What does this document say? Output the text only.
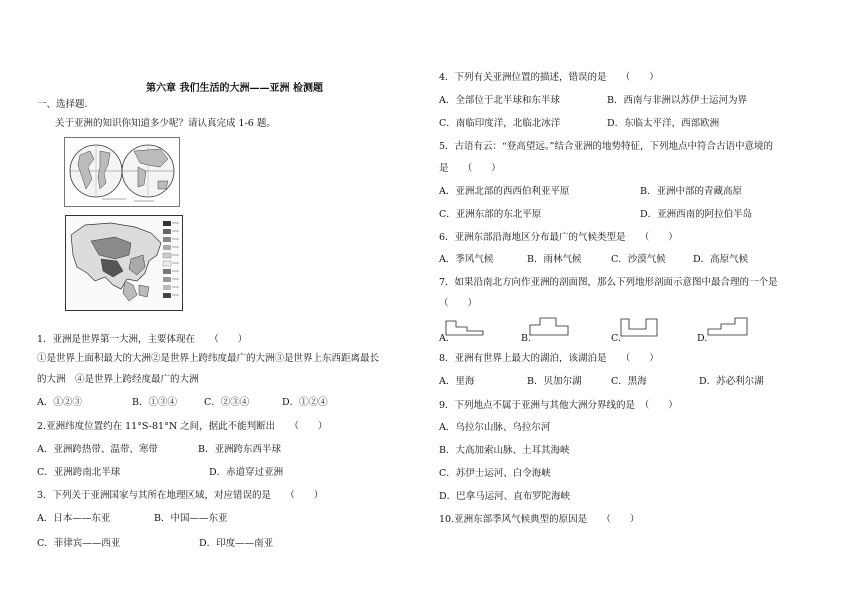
第六章 我们生活的大洲——亚洲 检测题
一、选择题.
关于亚洲的知识你知道多少呢？请认真完成 1-6 题。
1．亚洲是世界第一大洲，主要体现在　　（　　）
①是世界上面积最大的大洲②是世界上跨纬度最广的大洲③是世界上东西距离最长
的大洲　④是世界上跨经度最广的大洲
A．①②③	B．①③④	C．②③④	D．①②④
2.亚洲纬度位置约在 11°S-81°N 之间，据此不能判断出　　（　　）
A．亚洲跨热带、温带、寒带	B．亚洲跨东西半球
C．亚洲跨南北半球	D．赤道穿过亚洲
3．下列关于亚洲国家与其所在地理区域，对应错误的是　　（　　）
A．日本——东亚	B．中国——东亚
C．菲律宾——西亚	D．印度——南亚
4．下列有关亚洲位置的描述，错误的是　　（　　）
A．全部位于北半球和东半球	B．西南与非洲以苏伊士运河为界
C．南临印度洋，北临北冰洋	D．东临太平洋，西部欧洲
5．古语有云：“登高望远。”结合亚洲的地势特征，下列地点中符合古语中意境的
是　　（　　）
A．亚洲北部的西西伯利亚平原	B．亚洲中部的青藏高原
C．亚洲东部的东北平原	D．亚洲西南的阿拉伯半岛
6．亚洲东部沿海地区分布最广的气候类型是　　（　　）
A．季风气候	B．雨林气候	C．沙漠气候	D．高原气候
7．如果沿南北方向作亚洲的剖面图，那么下列地形剖面示意图中最合理的一个是
（　　）
A.	B.	C.	D.
8．亚洲有世界上最大的湖泊，该湖泊是　　（　　）
A．里海	B．贝加尔湖	C．黑海	D．苏必利尔湖
9．下列地点不属于亚洲与其他大洲分界线的是　（　　）
A．乌拉尔山脉、乌拉尔河
B．大高加索山脉、土耳其海峡
C．苏伊士运河、白令海峡
D．巴拿马运河、直布罗陀海峡
10.亚洲东部季风气候典型的原因是　　（　　）
